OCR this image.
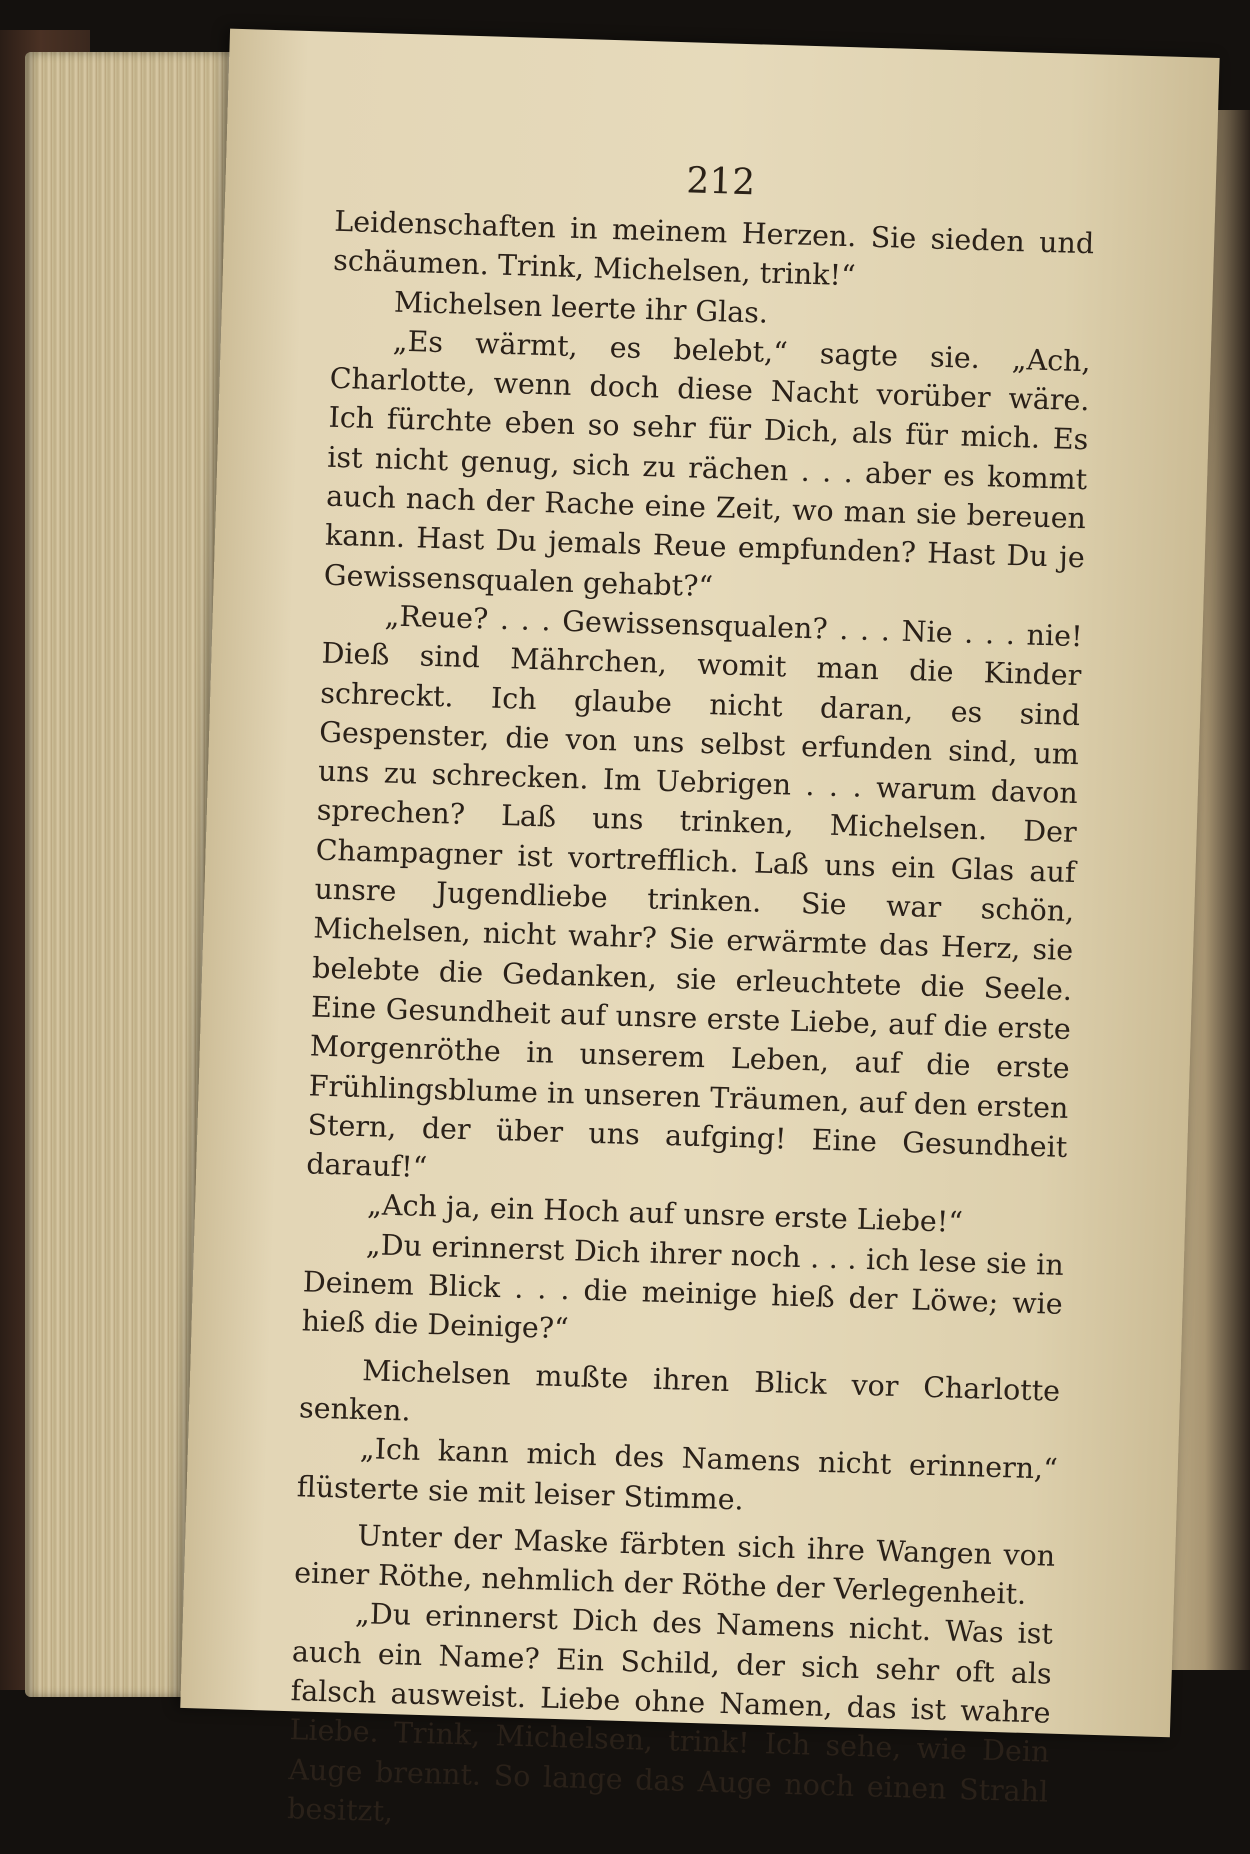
212

Leidenschaften in meinem Herzen. Sie sieden und schäumen. Trink, Michelsen, trink!“

Michelsen leerte ihr Glas.

„Es wärmt, es belebt,“ sagte sie. „Ach, Charlotte, wenn doch diese Nacht vorüber wäre. Ich fürchte eben so sehr für Dich, als für mich. Es ist nicht genug, sich zu rächen . . . aber es kommt auch nach der Rache eine Zeit, wo man sie bereuen kann. Hast Du jemals Reue empfunden? Hast Du je Gewissensqualen gehabt?“

„Reue? . . . Gewissensqualen? . . . Nie . . . nie! Dieß sind Mährchen, womit man die Kinder schreckt. Ich glaube nicht daran, es sind Gespenster, die von uns selbst erfunden sind, um uns zu schrecken. Im Uebrigen . . . warum davon sprechen? Laß uns trinken, Michelsen. Der Champagner ist vortrefflich. Laß uns ein Glas auf unsre Jugendliebe trinken. Sie war schön, Michelsen, nicht wahr? Sie erwärmte das Herz, sie belebte die Gedanken, sie erleuchtete die Seele. Eine Gesundheit auf unsre erste Liebe, auf die erste Morgenröthe in unserem Leben, auf die erste Frühlingsblume in unseren Träumen, auf den ersten Stern, der über uns aufging! Eine Gesundheit darauf!“

„Ach ja, ein Hoch auf unsre erste Liebe!“

„Du erinnerst Dich ihrer noch . . . ich lese sie in Deinem Blick . . . die meinige hieß der Löwe; wie hieß die Deinige?“

Michelsen mußte ihren Blick vor Charlotte senken.

„Ich kann mich des Namens nicht erinnern,“ flüsterte sie mit leiser Stimme.

Unter der Maske färbten sich ihre Wangen von einer Röthe, nehmlich der Röthe der Verlegenheit.

„Du erinnerst Dich des Namens nicht. Was ist auch ein Name? Ein Schild, der sich sehr oft als falsch ausweist. Liebe ohne Namen, das ist wahre Liebe. Trink, Michelsen, trink! Ich sehe, wie Dein Auge brennt. So lange das Auge noch einen Strahl besitzt,
